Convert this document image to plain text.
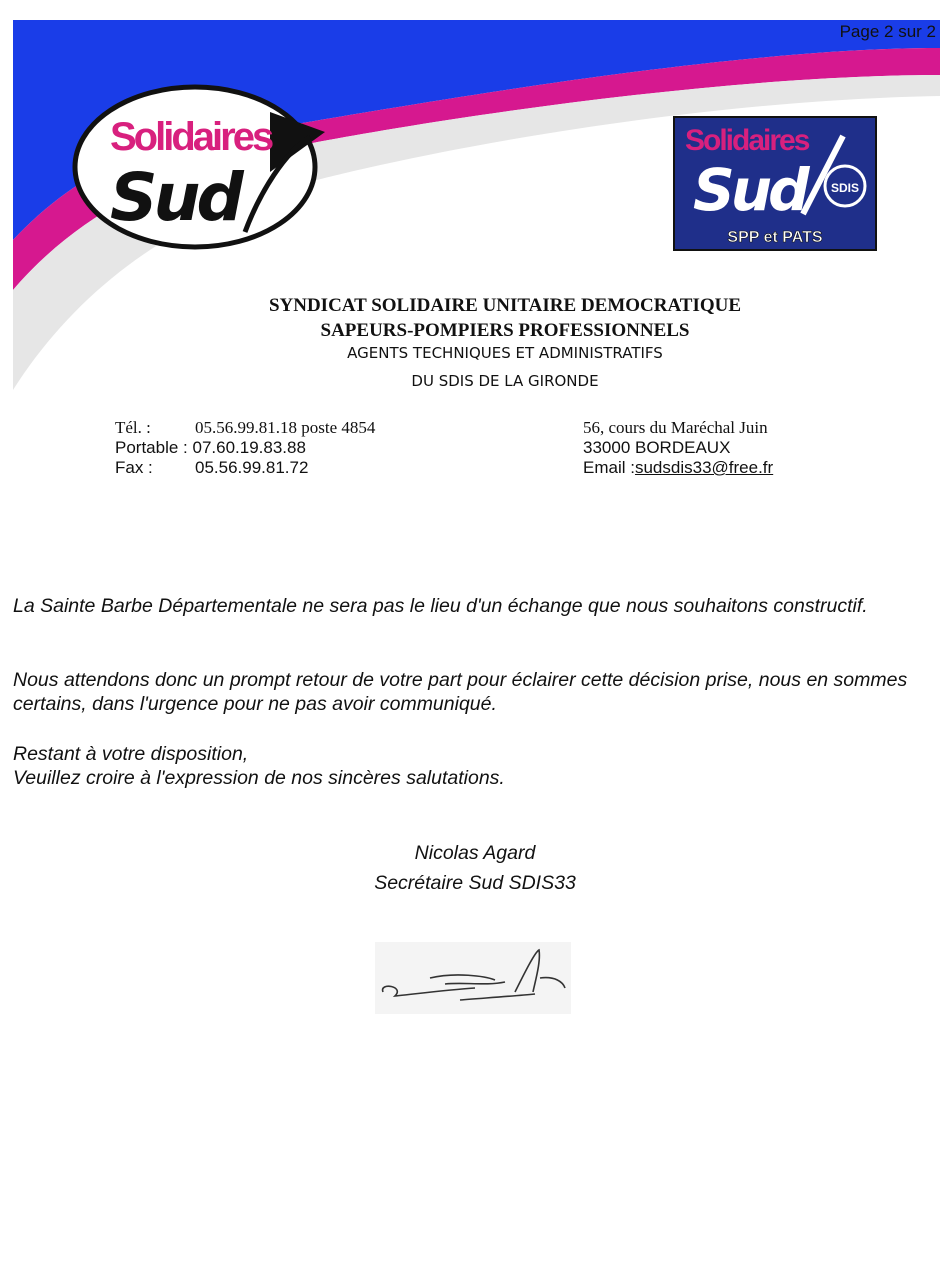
Page 2 sur 2
Solidaires
Sud
Solidaires
Sud	SDIS
SPP et PATS
SYNDICAT SOLIDAIRE UNITAIRE DEMOCRATIQUE
SAPEURS-POMPIERS PROFESSIONNELS
AGENTS TECHNIQUES ET ADMINISTRATIFS
DU SDIS DE LA GIRONDE
Tél. :	05.56.99.81.18 poste 4854
Portable : 07.60.19.83.88
Fax : 05.56.99.81.72
56, cours du Maréchal Juin
33000 BORDEAUX
Email :sudsdis33@free.fr
La Sainte Barbe Départementale ne sera pas le lieu d'un échange que nous souhaitons constructif.
Nous attendons donc un prompt retour de votre part pour éclairer cette décision prise, nous en sommes certains, dans l'urgence pour ne pas avoir communiqué.
Restant à votre disposition,
Veuillez croire à l'expression de nos sincères salutations.
Nicolas Agard
Secrétaire Sud SDIS33
